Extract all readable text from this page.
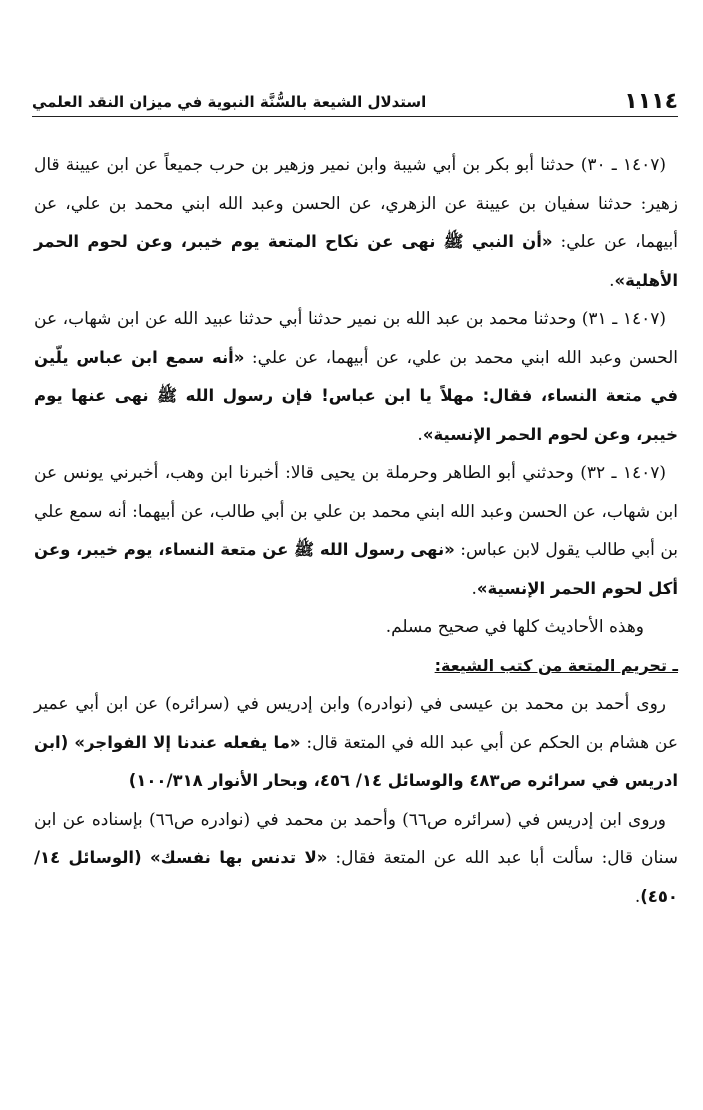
١١١٤
استدلال الشيعة بالسُّنَّة النبوية في ميزان النقد العلمي

(١٤٠٧ ـ ٣٠) حدثنا أبو بكر بن أبي شيبة وابن نمير وزهير بن حرب جميعاً عن ابن عيينة قال زهير: حدثنا سفيان بن عيينة عن الزهري، عن الحسن وعبد الله ابني محمد بن علي، عن أبيهما، عن علي: «أن النبي ﷺ نهى عن نكاح المتعة يوم خيبر، وعن لحوم الحمر الأهلية».

(١٤٠٧ ـ ٣١) وحدثنا محمد بن عبد الله بن نمير حدثنا أبي حدثنا عبيد الله عن ابن شهاب، عن الحسن وعبد الله ابني محمد بن علي، عن أبيهما، عن علي: «أنه سمع ابن عباس يلّين في متعة النساء، فقال: مهلاً يا ابن عباس! فإن رسول الله ﷺ نهى عنها يوم خيبر، وعن لحوم الحمر الإنسية».

(١٤٠٧ ـ ٣٢) وحدثني أبو الطاهر وحرملة بن يحيى قالا: أخبرنا ابن وهب، أخبرني يونس عن ابن شهاب، عن الحسن وعبد الله ابني محمد بن علي بن أبي طالب، عن أبيهما: أنه سمع علي بن أبي طالب يقول لابن عباس: «نهى رسول الله ﷺ عن متعة النساء، يوم خيبر، وعن أكل لحوم الحمر الإنسية».

وهذه الأحاديث كلها في صحيح مسلم.

ـ تحريم المتعة من كتب الشيعة:

روى أحمد بن محمد بن عيسى في (نوادره) وابن إدريس في (سرائره) عن ابن أبي عمير عن هشام بن الحكم عن أبي عبد الله في المتعة قال: «ما يفعله عندنا إلا الفواجر» (ابن ادريس في سرائره ص٤٨٣ والوسائل ١٤/ ٤٥٦، وبحار الأنوار ١٠٠/٣١٨)

وروى ابن إدريس في (سرائره ص٦٦) وأحمد بن محمد في (نوادره ص٦٦) بإسناده عن ابن سنان قال: سألت أبا عبد الله عن المتعة فقال: «لا تدنس بها نفسك» (الوسائل ١٤/ ٤٥٠).
